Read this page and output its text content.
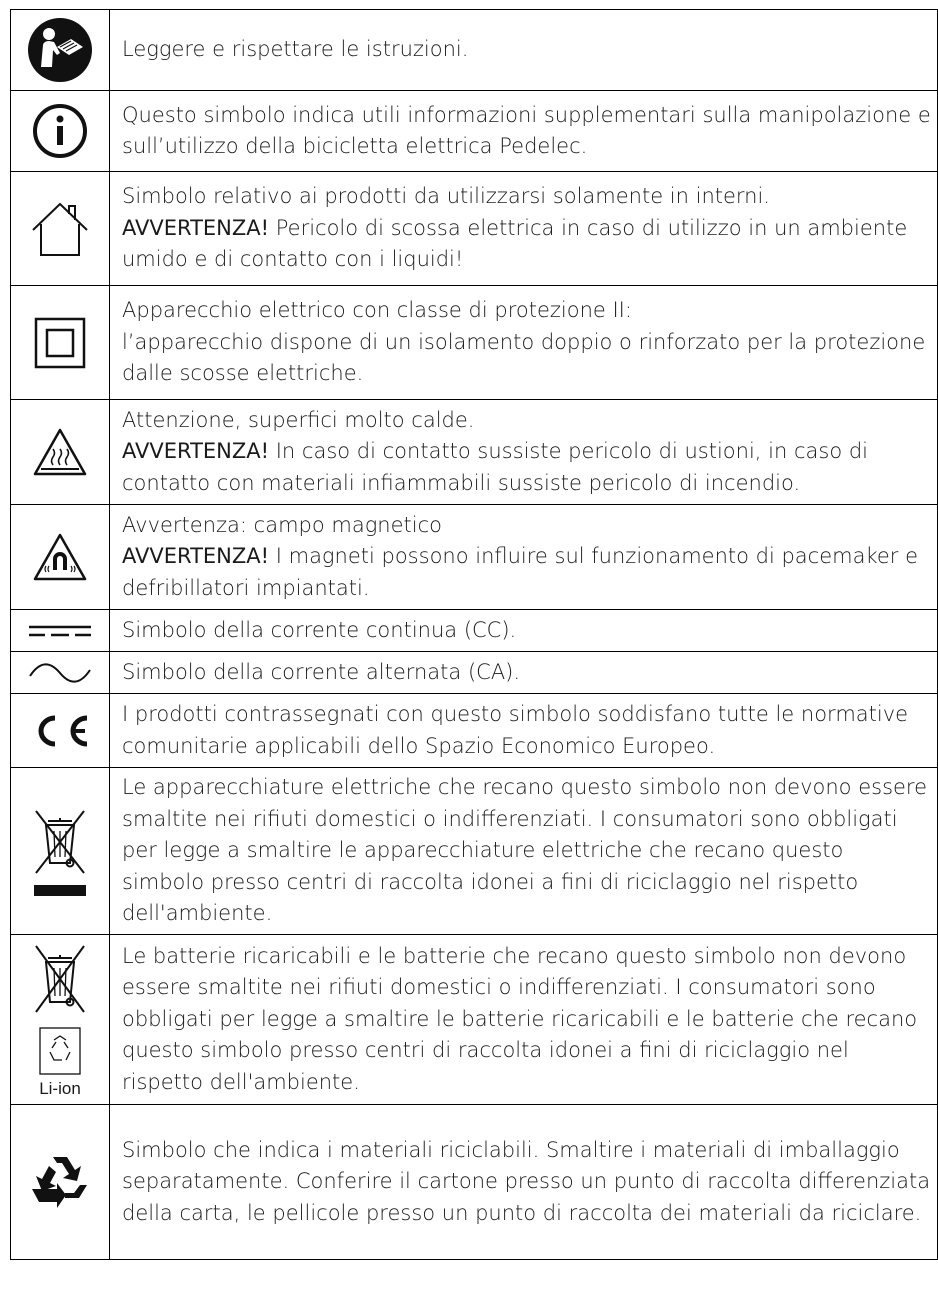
	Leggere e rispettare le istruzioni.

	Questo simbolo indica utili informazioni supplementari sulla manipolazione e sull’utilizzo della bicicletta elettrica Pedelec.

	Simbolo relativo ai prodotti da utilizzarsi solamente in interni.
AVVERTENZA! Pericolo di scossa elettrica in caso di utilizzo in un ambiente umido e di contatto con i liquidi!

	Apparecchio elettrico con classe di protezione II:
l’apparecchio dispone di un isolamento doppio o rinforzato per la protezione dalle scosse elettriche.

	Attenzione, superfici molto calde.
AVVERTENZA! In caso di contatto sussiste pericolo di ustioni, in caso di contatto con materiali infiammabili sussiste pericolo di incendio.

	Avvertenza: campo magnetico
AVVERTENZA! I magneti possono influire sul funzionamento di pacemaker e defribillatori impiantati.

	Simbolo della corrente continua (CC).

	Simbolo della corrente alternata (CA).

	I prodotti contrassegnati con questo simbolo soddisfano tutte le normative comunitarie applicabili dello Spazio Economico Europeo.

	Le apparecchiature elettriche che recano questo simbolo non devono essere smaltite nei rifiuti domestici o indifferenziati. I consumatori sono obbligati per legge a smaltire le apparecchiature elettriche che recano questo simbolo presso centri di raccolta idonei a fini di riciclaggio nel rispetto dell'ambiente.

Li-ion	Le batterie ricaricabili e le batterie che recano questo simbolo non devono essere smaltite nei rifiuti domestici o indifferenziati. I consumatori sono obbligati per legge a smaltire le batterie ricaricabili e le batterie che recano questo simbolo presso centri di raccolta idonei a fini di riciclaggio nel rispetto dell'ambiente.

	Simbolo che indica i materiali riciclabili. Smaltire i materiali di imballaggio separatamente. Conferire il cartone presso un punto di raccolta differenziata della carta, le pellicole presso un punto di raccolta dei materiali da riciclare.
